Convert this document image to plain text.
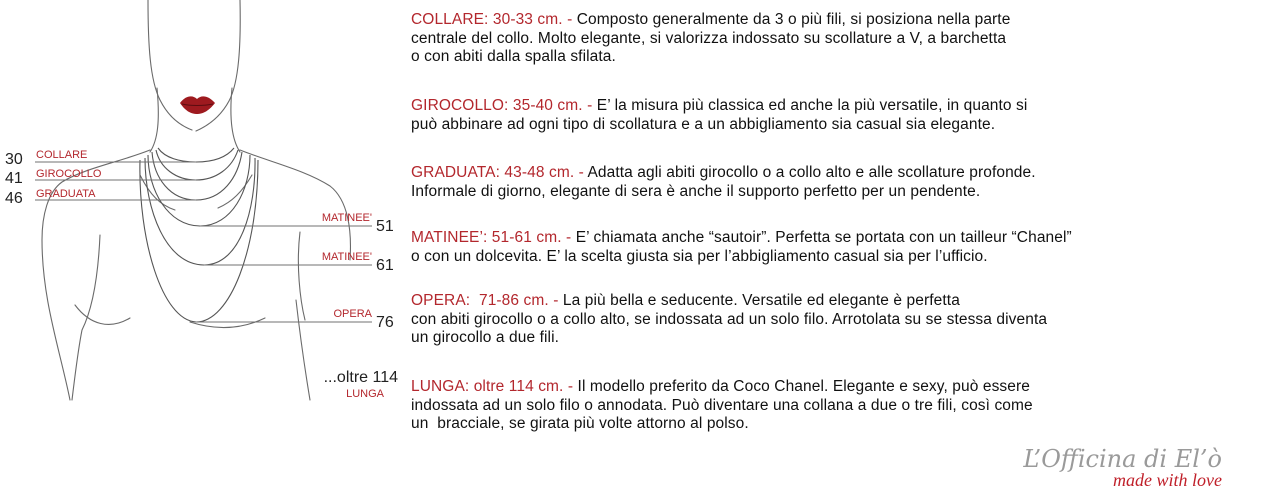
30 COLLARE
41 GIROCOLLO
46 GRADUATA
MATINEE' 51
MATINEE' 61
OPERA 76
...oltre 114
LUNGA

COLLARE: 30-33 cm. - Composto generalmente da 3 o più fili, si posiziona nella parte
centrale del collo. Molto elegante, si valorizza indossato su scollature a V, a barchetta
o con abiti dalla spalla sfilata.

GIROCOLLO: 35-40 cm. - E’ la misura più classica ed anche la più versatile, in quanto si
può abbinare ad ogni tipo di scollatura e a un abbigliamento sia casual sia elegante.

GRADUATA: 43-48 cm. - Adatta agli abiti girocollo o a collo alto e alle scollature profonde.
Informale di giorno, elegante di sera è anche il supporto perfetto per un pendente.

MATINEE’: 51-61 cm. - E’ chiamata anche “sautoir”. Perfetta se portata con un tailleur “Chanel”
o con un dolcevita. E’ la scelta giusta sia per l’abbigliamento casual sia per l’ufficio.

OPERA:  71-86 cm. - La più bella e seducente. Versatile ed elegante è perfetta
con abiti girocollo o a collo alto, se indossata ad un solo filo. Arrotolata su se stessa diventa
un girocollo a due fili.

LUNGA: oltre 114 cm. - Il modello preferito da Coco Chanel. Elegante e sexy, può essere
indossata ad un solo filo o annodata. Può diventare una collana a due o tre fili, così come
un  bracciale, se girata più volte attorno al polso.

L’Officina di El’ò
made with love
